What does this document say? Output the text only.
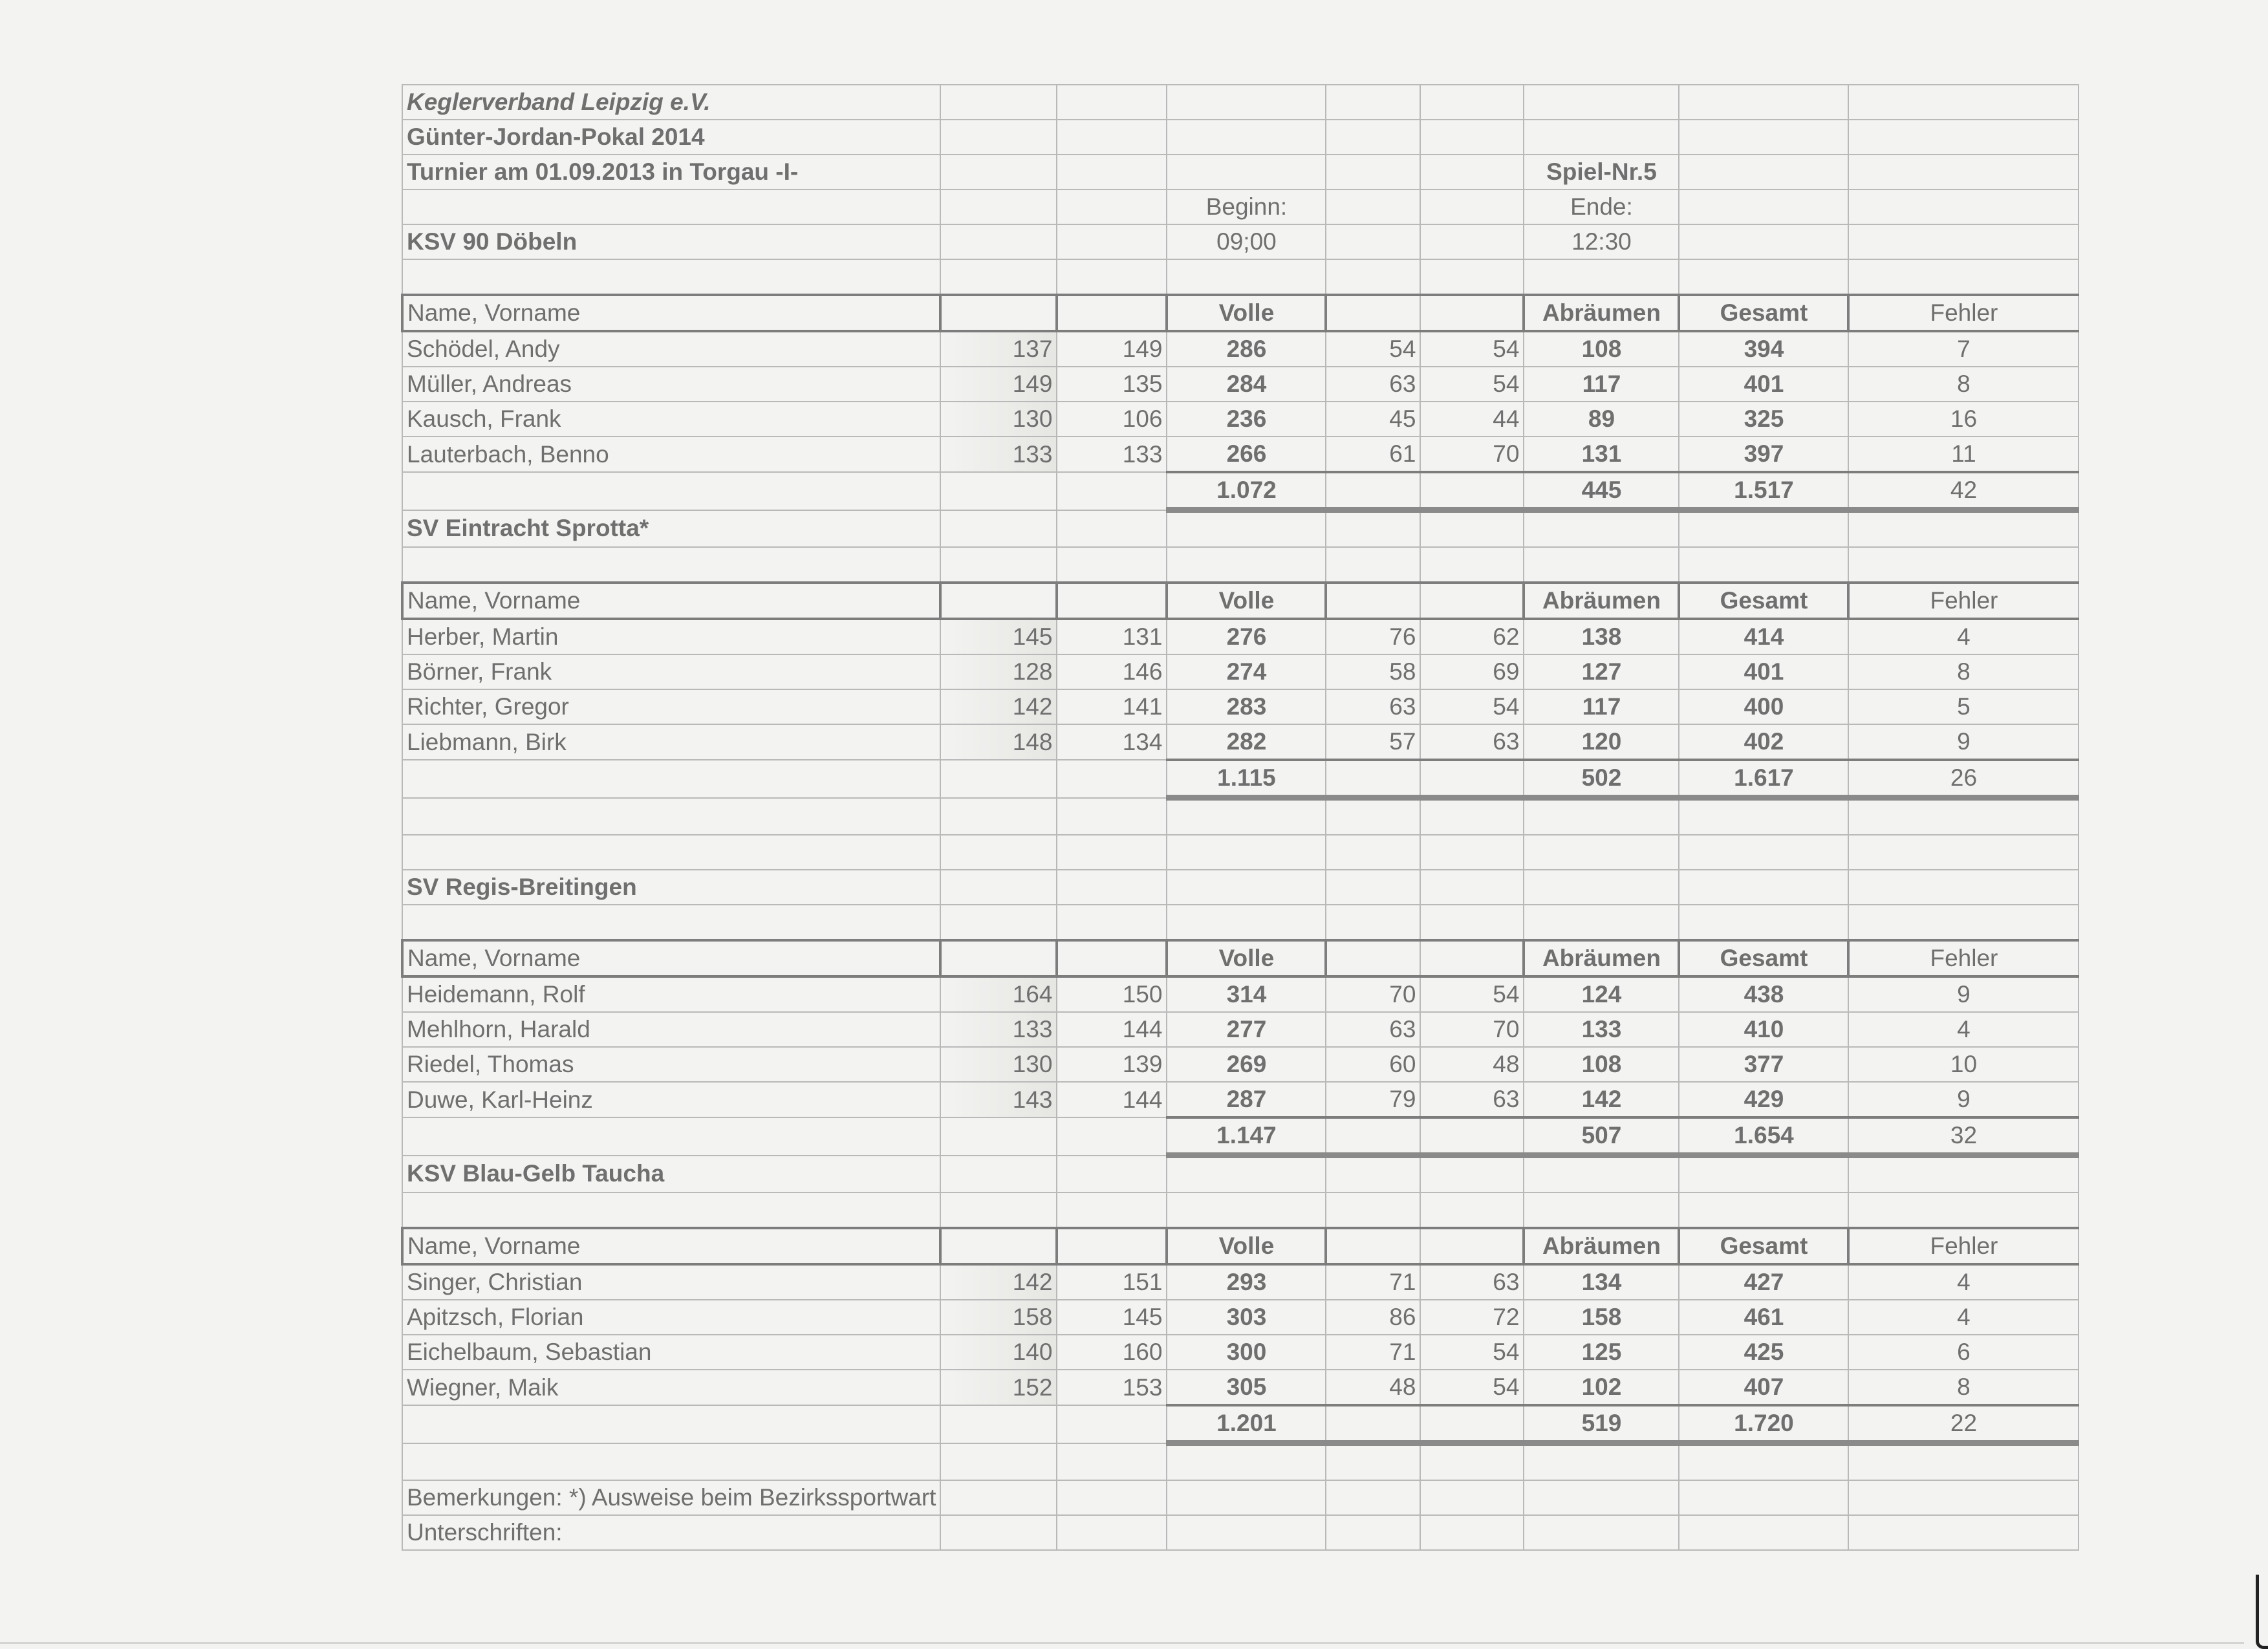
Keglerverband Leipzig e.V.								
Günter-Jordan-Pokal 2014								
Turnier am 01.09.2013 in Torgau -I-						Spiel-Nr.5		
			Beginn:			Ende:		
KSV 90 Döbeln			09;00			12:30		

Name, Vorname			Volle			Abräumen	Gesamt	Fehler
Schödel, Andy	137	149	286	54	54	108	394	7
Müller, Andreas	149	135	284	63	54	117	401	8
Kausch, Frank	130	106	236	45	44	89	325	16
Lauterbach, Benno	133	133	266	61	70	131	397	11
			1.072			445	1.517	42
SV Eintracht Sprotta*								

Name, Vorname			Volle			Abräumen	Gesamt	Fehler
Herber, Martin	145	131	276	76	62	138	414	4
Börner, Frank	128	146	274	58	69	127	401	8
Richter, Gregor	142	141	283	63	54	117	400	5
Liebmann, Birk	148	134	282	57	63	120	402	9
			1.115			502	1.617	26

SV Regis-Breitingen								

Name, Vorname			Volle			Abräumen	Gesamt	Fehler
Heidemann, Rolf	164	150	314	70	54	124	438	9
Mehlhorn, Harald	133	144	277	63	70	133	410	4
Riedel, Thomas	130	139	269	60	48	108	377	10
Duwe, Karl-Heinz	143	144	287	79	63	142	429	9
			1.147			507	1.654	32
KSV Blau-Gelb Taucha								

Name, Vorname			Volle			Abräumen	Gesamt	Fehler
Singer, Christian	142	151	293	71	63	134	427	4
Apitzsch, Florian	158	145	303	86	72	158	461	4
Eichelbaum, Sebastian	140	160	300	71	54	125	425	6
Wiegner, Maik	152	153	305	48	54	102	407	8
			1.201			519	1.720	22

Bemerkungen: *) Ausweise beim Bezirkssportwart								
Unterschriften:								
